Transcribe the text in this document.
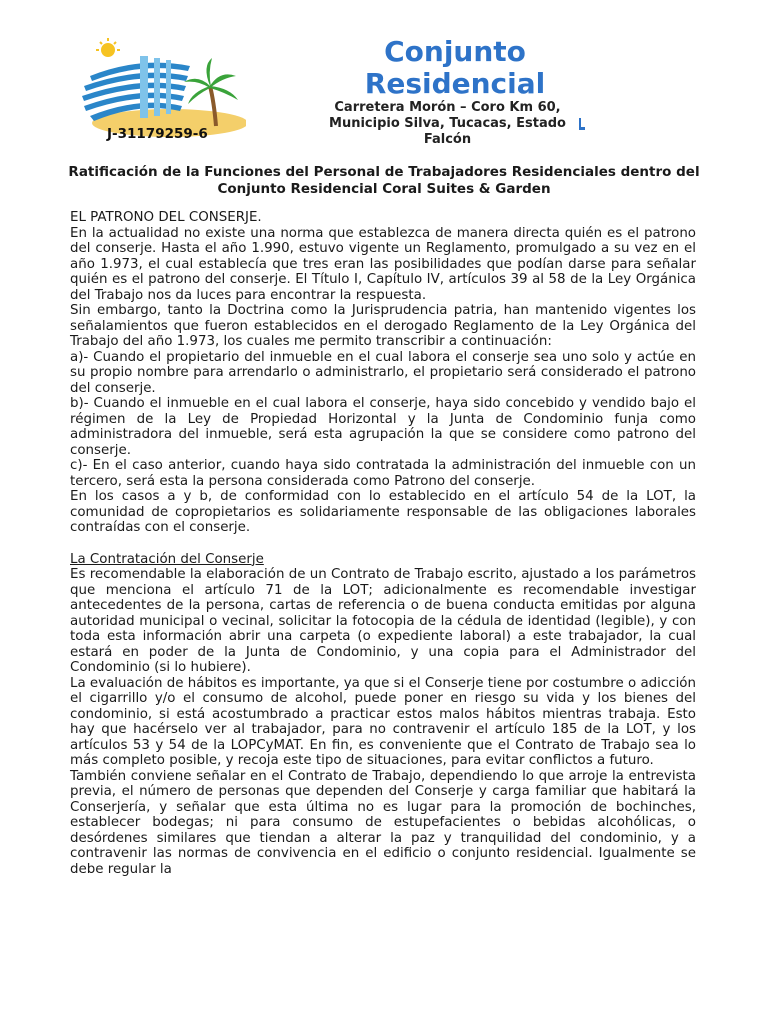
J-31179259-6
Conjunto Residencial
Carretera Morón – Coro Km 60, Municipio Silva, Tucacas, Estado Falcón
Ratificación de la Funciones del Personal de Trabajadores Residenciales dentro del Conjunto Residencial Coral Suites & Garden

EL PATRONO DEL CONSERJE.

En la actualidad no existe una norma que establezca de manera directa quién es el patrono del conserje. Hasta el año 1.990, estuvo vigente un Reglamento, promulgado a su vez en el año 1.973, el cual establecía que tres eran las posibilidades que podían darse para señalar quién es el patrono del conserje. El Título I, Capítulo IV, artículos 39 al 58 de la Ley Orgánica del Trabajo nos da luces para encontrar la respuesta.

Sin embargo, tanto la Doctrina como la Jurisprudencia patria, han mantenido vigentes los señalamientos que fueron establecidos en el derogado Reglamento de la Ley Orgánica del Trabajo del año 1.973, los cuales me permito transcribir a continuación:

a)- Cuando el propietario del inmueble en el cual labora el conserje sea uno solo y actúe en su propio nombre para arrendarlo o administrarlo, el propietario será considerado el patrono del conserje.

b)- Cuando el inmueble en el cual labora el conserje, haya sido concebido y vendido bajo el régimen de la Ley de Propiedad Horizontal y la Junta de Condominio funja como administradora del inmueble, será esta agrupación la que se considere como patrono del conserje.

c)- En el caso anterior, cuando haya sido contratada la administración del inmueble con un tercero, será esta la persona considerada como Patrono del conserje.

En los casos a y b, de conformidad con lo establecido en el artículo 54 de la LOT, la comunidad de copropietarios es solidariamente responsable de las obligaciones laborales contraídas con el conserje.

La Contratación del Conserje

Es recomendable la elaboración de un Contrato de Trabajo escrito, ajustado a los parámetros que menciona el artículo 71 de la LOT; adicionalmente es recomendable investigar antecedentes de la persona, cartas de referencia o de buena conducta emitidas por alguna autoridad municipal o vecinal, solicitar la fotocopia de la cédula de identidad (legible), y con toda esta información abrir una carpeta (o expediente laboral) a este trabajador, la cual estará en poder de la Junta de Condominio, y una copia para el Administrador del Condominio (si lo hubiere).

La evaluación de hábitos es importante, ya que si el Conserje tiene por costumbre o adicción el cigarrillo y/o el consumo de alcohol, puede poner en riesgo su vida y los bienes del condominio, si está acostumbrado a practicar estos malos hábitos mientras trabaja. Esto hay que hacérselo ver al trabajador, para no contravenir el artículo 185 de la LOT, y los artículos 53 y 54 de la LOPCyMAT. En fin, es conveniente que el Contrato de Trabajo sea lo más completo posible, y recoja este tipo de situaciones, para evitar conflictos a futuro.

También conviene señalar en el Contrato de Trabajo, dependiendo lo que arroje la entrevista previa, el número de personas que dependen del Conserje y carga familiar que habitará la Conserjería, y señalar que esta última no es lugar para la promoción de bochinches, establecer bodegas; ni para consumo de estupefacientes o bebidas alcohólicas, o desórdenes similares que tiendan a alterar la paz y tranquilidad del condominio, y a contravenir las normas de convivencia en el edificio o conjunto residencial. Igualmente se debe regular la
